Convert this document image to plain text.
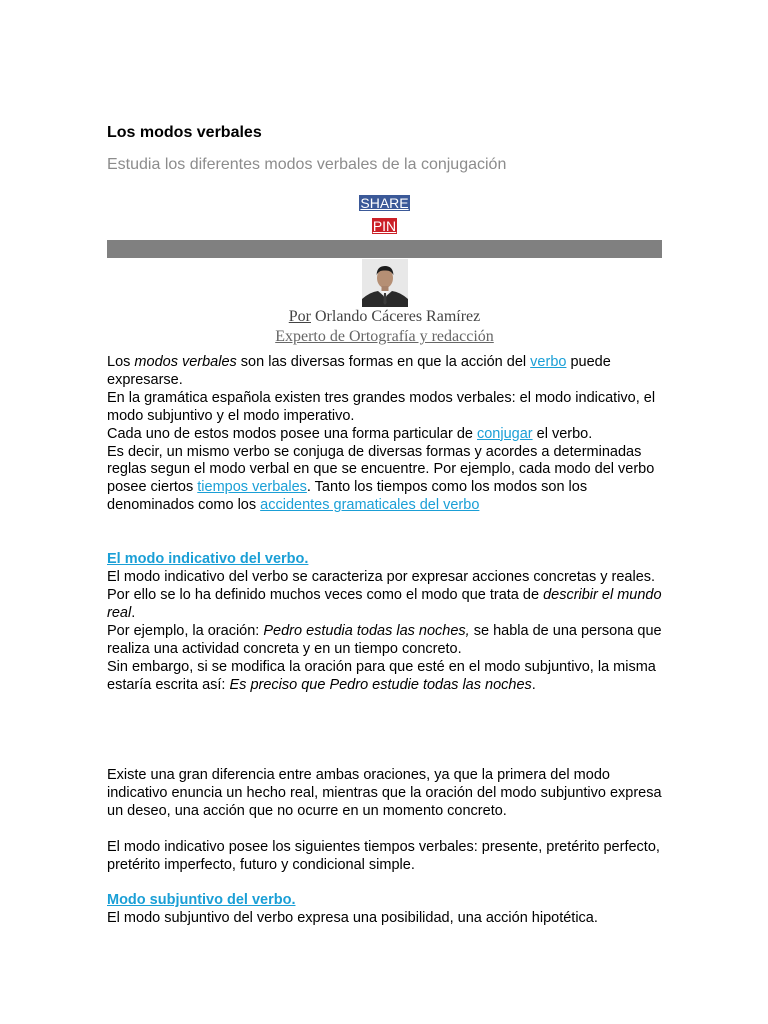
Los modos verbales
Estudia los diferentes modos verbales de la conjugación
SHARE
PIN
Por Orlando Cáceres Ramírez
Experto de Ortografía y redacción
Los modos verbales son las diversas formas en que la acción del verbo puede expresarse.
En la gramática española existen tres grandes modos verbales: el modo indicativo, el modo subjuntivo y el modo imperativo.
Cada uno de estos modos posee una forma particular de conjugar el verbo.
Es decir, un mismo verbo se conjuga de diversas formas y acordes a determinadas reglas segun el modo verbal en que se encuentre. Por ejemplo, cada modo del verbo posee ciertos tiempos verbales. Tanto los tiempos como los modos son los denominados como los accidentes gramaticales del verbo
El modo indicativo del verbo.
El modo indicativo del verbo se caracteriza por expresar acciones concretas y reales. Por ello se lo ha definido muchos veces como el modo que trata de describir el mundo real.
Por ejemplo, la oración: Pedro estudia todas las noches, se habla de una persona que realiza una actividad concreta y en un tiempo concreto.
Sin embargo, si se modifica la oración para que esté en el modo subjuntivo, la misma estaría escrita así: Es preciso que Pedro estudie todas las noches.
Existe una gran diferencia entre ambas oraciones, ya que la primera del modo indicativo enuncia un hecho real, mientras que la oración del modo subjuntivo expresa un deseo, una acción que no ocurre en un momento concreto.
El modo indicativo posee los siguientes tiempos verbales: presente, pretérito perfecto, pretérito imperfecto, futuro y condicional simple.
Modo subjuntivo del verbo.
El modo subjuntivo del verbo expresa una posibilidad, una acción hipotética.
